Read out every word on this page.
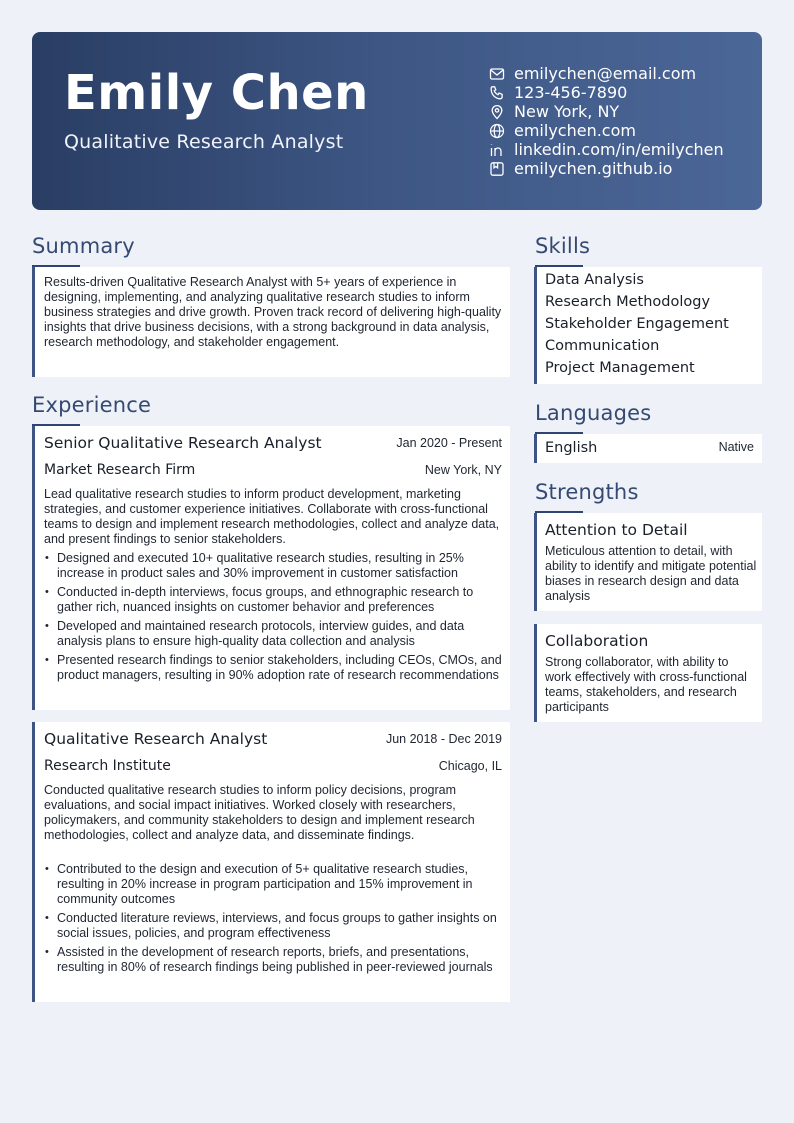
Emily Chen
Qualitative Research Analyst
emilychen@email.com
123-456-7890
New York, NY
emilychen.com
linkedin.com/in/emilychen
emilychen.github.io
Summary
Results-driven Qualitative Research Analyst with 5+ years of experience in designing, implementing, and analyzing qualitative research studies to inform business strategies and drive growth. Proven track record of delivering high-quality insights that drive business decisions, with a strong background in data analysis, research methodology, and stakeholder engagement.
Experience
Senior Qualitative Research Analyst	Jan 2020 - Present
Market Research Firm	New York, NY
Lead qualitative research studies to inform product development, marketing strategies, and customer experience initiatives. Collaborate with cross-functional teams to design and implement research methodologies, collect and analyze data, and present findings to senior stakeholders.
• Designed and executed 10+ qualitative research studies, resulting in 25% increase in product sales and 30% improvement in customer satisfaction
• Conducted in-depth interviews, focus groups, and ethnographic research to gather rich, nuanced insights on customer behavior and preferences
• Developed and maintained research protocols, interview guides, and data analysis plans to ensure high-quality data collection and analysis
• Presented research findings to senior stakeholders, including CEOs, CMOs, and product managers, resulting in 90% adoption rate of research recommendations
Qualitative Research Analyst	Jun 2018 - Dec 2019
Research Institute	Chicago, IL
Conducted qualitative research studies to inform policy decisions, program evaluations, and social impact initiatives. Worked closely with researchers, policymakers, and community stakeholders to design and implement research methodologies, collect and analyze data, and disseminate findings.
• Contributed to the design and execution of 5+ qualitative research studies, resulting in 20% increase in program participation and 15% improvement in community outcomes
• Conducted literature reviews, interviews, and focus groups to gather insights on social issues, policies, and program effectiveness
• Assisted in the development of research reports, briefs, and presentations, resulting in 80% of research findings being published in peer-reviewed journals
Skills
Data Analysis
Research Methodology
Stakeholder Engagement
Communication
Project Management
Languages
English	Native
Strengths
Attention to Detail
Meticulous attention to detail, with ability to identify and mitigate potential biases in research design and data analysis
Collaboration
Strong collaborator, with ability to work effectively with cross-functional teams, stakeholders, and research participants
